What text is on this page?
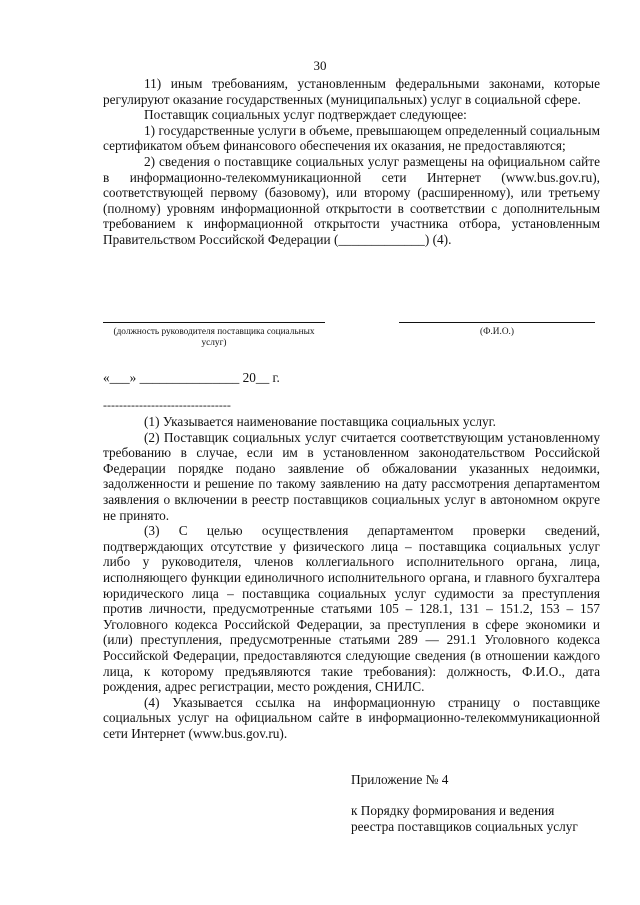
30

11) иным требованиям, установленным федеральными законами, которые регулируют оказание государственных (муниципальных) услуг в социальной сфере.

Поставщик социальных услуг подтверждает следующее:

1) государственные услуги в объеме, превышающем определенный социальным сертификатом объем финансового обеспечения их оказания, не предоставляются;

2) сведения о поставщике социальных услуг размещены на официальном сайте в информационно-телекоммуникационной сети Интернет (www.bus.gov.ru), соответствующей первому (базовому), или второму (расширенному), или третьему (полному) уровням информационной открытости в соответствии с дополнительным требованием к информационной открытости участника отбора, установленным Правительством Российской Федерации (_____________) (4).

(должность руководителя поставщика социальных услуг)
(Ф.И.О.)
«___» _______________ 20__ г.
--------------------------------

(1) Указывается наименование поставщика социальных услуг.

(2) Поставщик социальных услуг считается соответствующим установленному требованию в случае, если им в установленном законодательством Российской Федерации порядке подано заявление об обжаловании указанных недоимки, задолженности и решение по такому заявлению на дату рассмотрения департаментом заявления о включении в реестр поставщиков социальных услуг в автономном округе не принято.

(3) С целью осуществления департаментом проверки сведений, подтверждающих отсутствие у физического лица – поставщика социальных услуг либо у руководителя, членов коллегиального исполнительного органа, лица, исполняющего функции единоличного исполнительного органа, и главного бухгалтера юридического лица – поставщика социальных услуг судимости за преступления против личности, предусмотренные статьями 105 – 128.1, 131 – 151.2, 153 – 157 Уголовного кодекса Российской Федерации, за преступления в сфере экономики и (или) преступления, предусмотренные статьями 289 — 291.1 Уголовного кодекса Российской Федерации, предоставляются следующие сведения (в отношении каждого лица, к которому предъявляются такие требования): должность, Ф.И.О., дата рождения, адрес регистрации, место рождения, СНИЛС.

(4) Указывается ссылка на информационную страницу о поставщике социальных услуг на официальном сайте в информационно-телекоммуникационной сети Интернет (www.bus.gov.ru).

Приложение № 4
к Порядку формирования и ведения
реестра поставщиков социальных услуг
